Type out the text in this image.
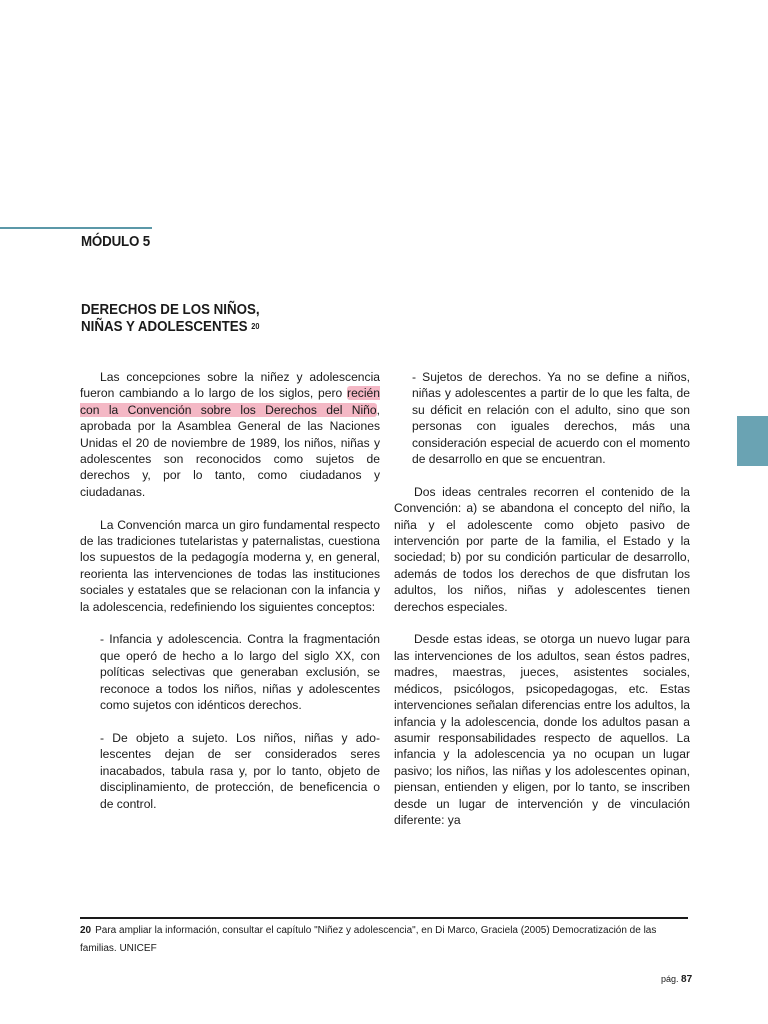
MÓDULO 5
DERECHOS DE LOS NIÑOS,
NIÑAS Y ADOLESCENTES $^{20}$

Las concepciones sobre la niñez y adolescencia fueron cambiando a lo largo de los siglos, pero recién con la Convención sobre los Derechos del Niño, aprobada por la Asamblea General de las Naciones Unidas el 20 de noviembre de 1989, los niños, niñas y adolescentes son reconocidos como sujetos de derechos y, por lo tanto, como ciudadanos y ciudadanas.

La Convención marca un giro fundamental respecto de las tradiciones tutelaristas y paternalistas, cuestiona los supuestos de la pedagogía moderna y, en general, reorienta las intervenciones de todas las instituciones sociales y estatales que se relacionan con la infancia y la adolescencia, redefiniendo los siguientes conceptos:

- Infancia y adolescencia. Contra la fragmentación que operó de hecho a lo largo del siglo XX, con políticas selectivas que generaban exclusión, se reconoce a todos los niños, niñas y adolescentes como sujetos con idénticos derechos.

- De objeto a sujeto. Los niños, niñas y adolescentes dejan de ser considerados seres inacabados, tabula rasa y, por lo tanto, objeto de disciplinamiento, de protección, de beneficencia o de control.

- Sujetos de derechos. Ya no se define a niños, niñas y adolescentes a partir de lo que les falta, de su déficit en relación con el adulto, sino que son personas con iguales derechos, más una consideración especial de acuerdo con el momento de desarrollo en que se encuentran.

Dos ideas centrales recorren el contenido de la Convención: a) se abandona el concepto del niño, la niña y el adolescente como objeto pasivo de intervención por parte de la familia, el Estado y la sociedad; b) por su condición particular de desarrollo, además de todos los derechos de que disfrutan los adultos, los niños, niñas y adolescentes tienen derechos especiales.

Desde estas ideas, se otorga un nuevo lugar para las intervenciones de los adultos, sean éstos padres, madres, maestras, jueces, asistentes sociales, médicos, psicólogos, psicopedagogas, etc. Estas intervenciones señalan diferencias entre los adultos, la infancia y la adolescencia, donde los adultos pasan a asumir responsabilidades respecto de aquellos. La infancia y la adolescencia ya no ocupan un lugar pasivo; los niños, las niñas y los adolescentes opinan, piensan, entienden y eligen, por lo tanto, se inscriben desde un lugar de intervención y de vinculación diferente: ya

20 Para ampliar la información, consultar el capítulo "Niñez y adolescencia", en Di Marco, Graciela (2005) Democratización de las familias. UNICEF
pág. 87
